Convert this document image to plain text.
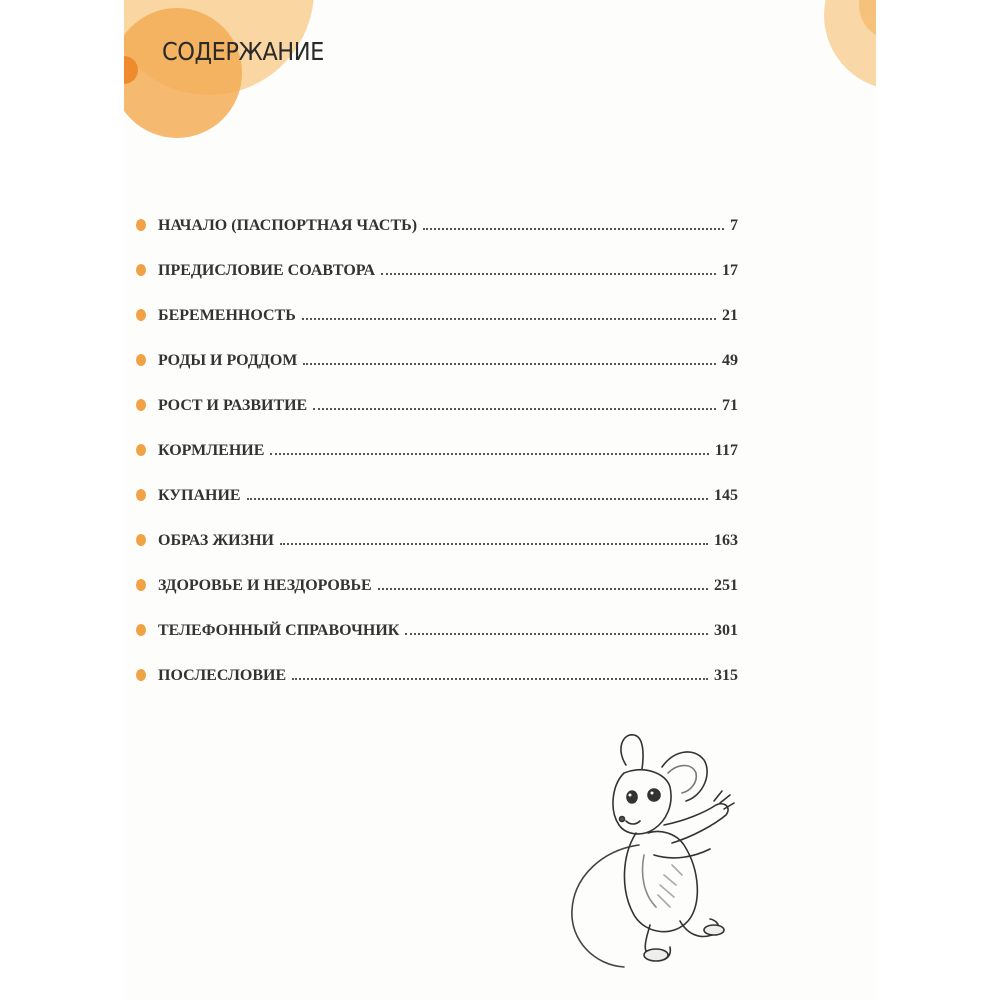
СОДЕРЖАНИЕ
НАЧАЛО (ПАСПОРТНАЯ ЧАСТЬ)	7
ПРЕДИСЛОВИЕ СОАВТОРА	17
БЕРЕМЕННОСТЬ	21
РОДЫ И РОДДОМ	49
РОСТ И РАЗВИТИЕ	71
КОРМЛЕНИЕ	117
КУПАНИЕ	145
ОБРАЗ ЖИЗНИ	163
ЗДОРОВЬЕ И НЕЗДОРОВЬЕ	251
ТЕЛЕФОННЫЙ СПРАВОЧНИК	301
ПОСЛЕСЛОВИЕ	315
